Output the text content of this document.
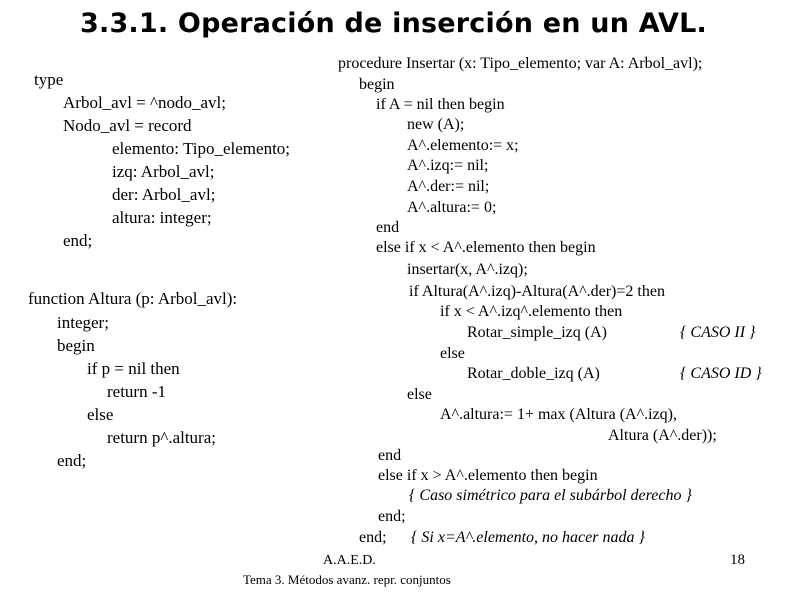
3.3.1. Operación de inserción en un AVL.
type
Arbol_avl = ^nodo_avl;
Nodo_avl = record
elemento: Tipo_elemento;
izq: Arbol_avl;
der: Arbol_avl;
altura: integer;
end;
function Altura (p: Arbol_avl):
integer;
begin
if p = nil then
return -1
else
return p^.altura;
end;
procedure Insertar (x: Tipo_elemento; var A: Arbol_avl);
begin
if A = nil then begin
new (A);
A^.elemento:= x;
A^.izq:= nil;
A^.der:= nil;
A^.altura:= 0;
end
else if x < A^.elemento then begin
insertar(x, A^.izq);
if Altura(A^.izq)-Altura(A^.der)=2 then
if x < A^.izq^.elemento then
Rotar_simple_izq (A)	{ CASO II }
else
Rotar_doble_izq (A)	{ CASO ID }
else
A^.altura:= 1+ max (Altura (A^.izq),
Altura (A^.der));
end
else if x > A^.elemento then begin
{ Caso simétrico para el subárbol derecho }
end;
end; { Si x=A^.elemento, no hacer nada }
A.A.E.D.
Tema 3. Métodos avanz. repr. conjuntos
18
